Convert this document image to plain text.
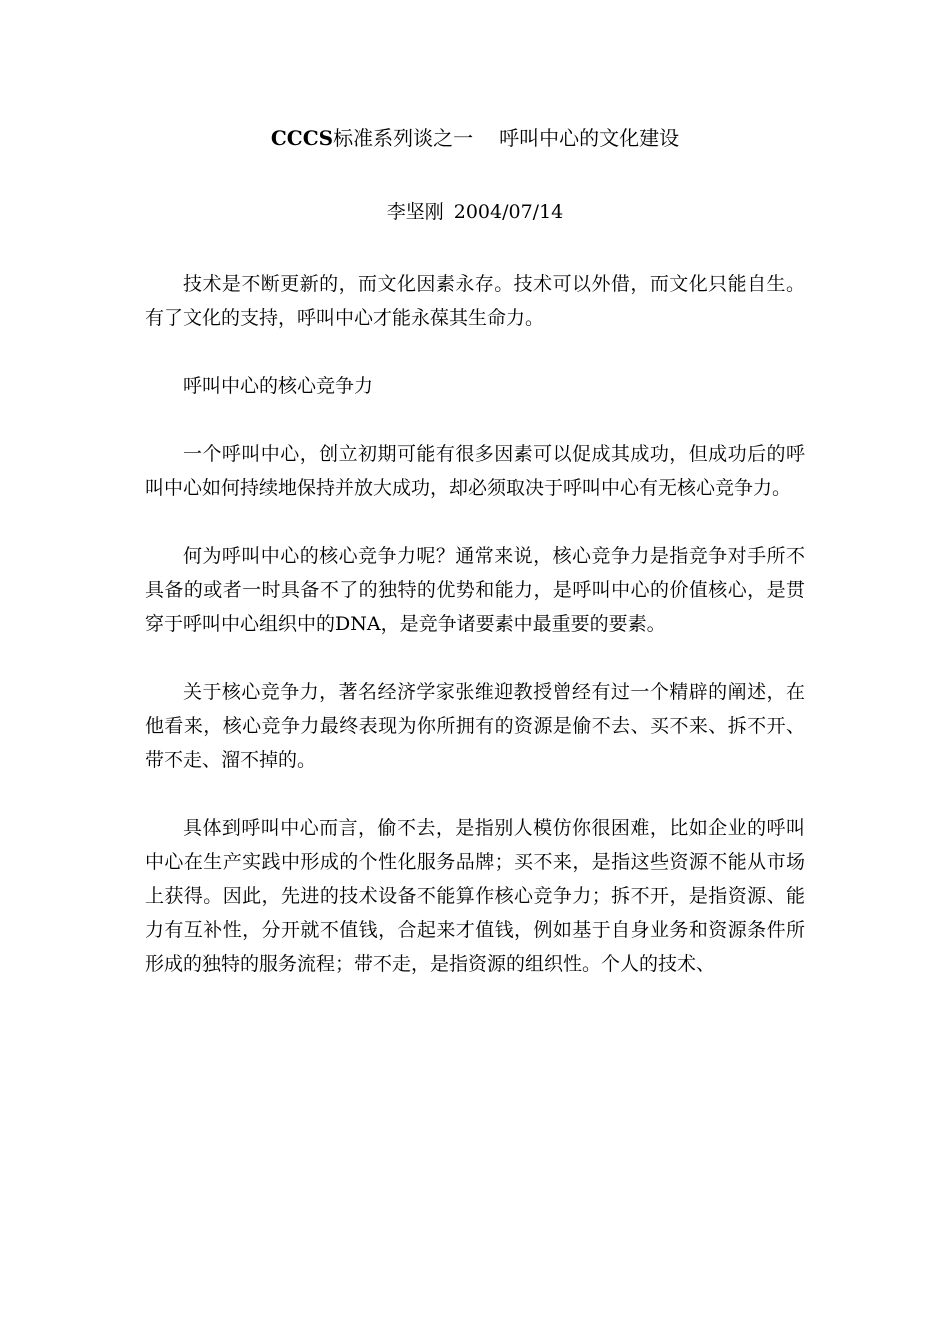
CCCS标准系列谈之一 呼叫中心的文化建设
李坚刚 2004/07/14

技术是不断更新的，而文化因素永存。技术可以外借，而文化只能自生。有了文化的支持，呼叫中心才能永葆其生命力。

呼叫中心的核心竞争力

一个呼叫中心，创立初期可能有很多因素可以促成其成功，但成功后的呼叫中心如何持续地保持并放大成功，却必须取决于呼叫中心有无核心竞争力。

何为呼叫中心的核心竞争力呢？通常来说，核心竞争力是指竞争对手所不具备的或者一时具备不了的独特的优势和能力，是呼叫中心的价值核心，是贯穿于呼叫中心组织中的DNA，是竞争诸要素中最重要的要素。

关于核心竞争力，著名经济学家张维迎教授曾经有过一个精辟的阐述，在他看来，核心竞争力最终表现为你所拥有的资源是偷不去、买不来、拆不开、带不走、溜不掉的。

具体到呼叫中心而言，偷不去，是指别人模仿你很困难，比如企业的呼叫中心在生产实践中形成的个性化服务品牌；买不来，是指这些资源不能从市场上获得。因此，先进的技术设备不能算作核心竞争力；拆不开，是指资源、能力有互补性，分开就不值钱，合起来才值钱，例如基于自身业务和资源条件所形成的独特的服务流程；带不走，是指资源的组织性。个人的技术、
